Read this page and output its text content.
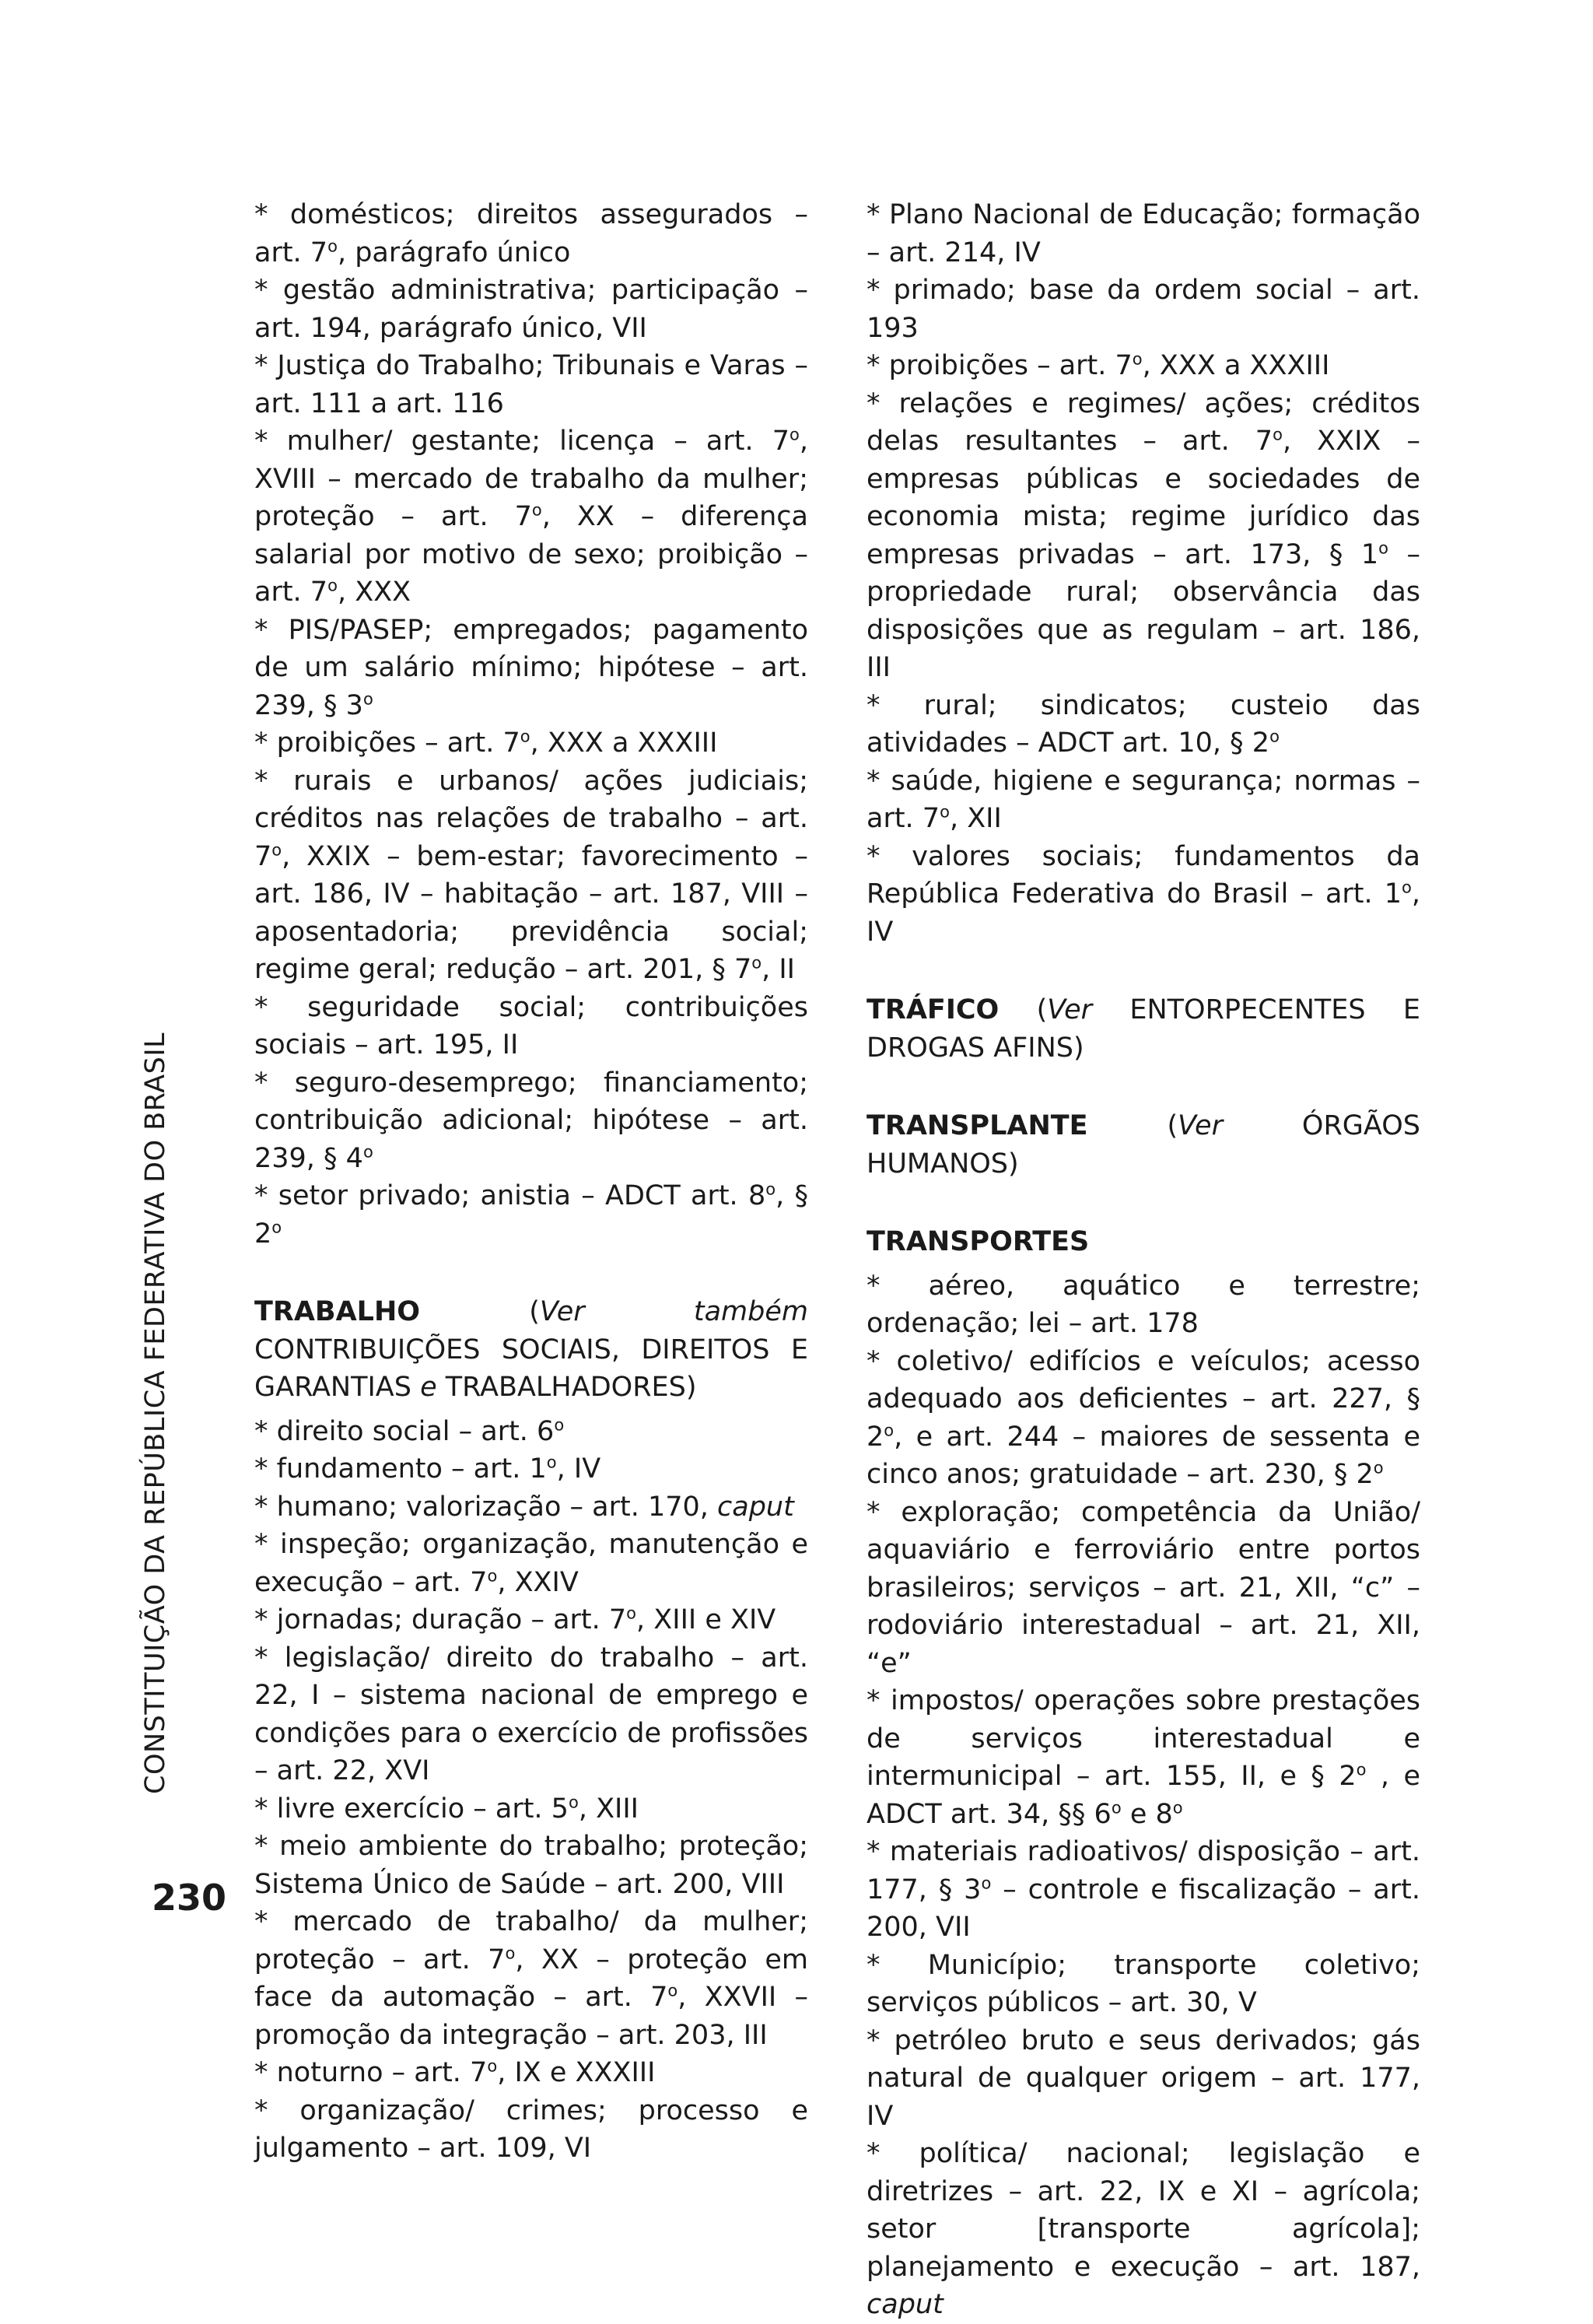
* domésticos; direitos assegurados – art. 7$^o$, parágrafo único
* gestão administrativa; participação – art. 194, parágrafo único, VII
* Justiça do Trabalho; Tribunais e Varas – art. 111 a art. 116
* mulher/ gestante; licença – art. 7$^o$, XVIII – mercado de trabalho da mulher; proteção – art. 7$^o$, XX – diferença salarial por motivo de sexo; proibição – art. 7$^o$, XXX
* PIS/PASEP; empregados; pagamento de um salário mínimo; hipótese – art. 239, § 3$^o$
* proibições – art. 7$^o$, XXX a XXXIII
* rurais e urbanos/ ações judiciais; créditos nas relações de trabalho – art. 7$^o$, XXIX – bem-estar; favorecimento – art. 186, IV – habitação – art. 187, VIII – aposentadoria; previdência social; regime geral; redução – art. 201, § 7$^o$, II
* seguridade social; contribuições sociais – art. 195, II
* seguro-desemprego; financiamento; contribuição adicional; hipótese – art. 239, § 4$^o$
* setor privado; anistia – ADCT art. 8$^o$, § 2$^o$
TRABALHO (Ver também CONTRIBUIÇÕES SOCIAIS, DIREITOS E GARANTIAS e TRABALHADORES)
* direito social – art. 6$^o$
* fundamento – art. 1$^o$, IV
* humano; valorização – art. 170, caput
* inspeção; organização, manutenção e execução – art. 7$^o$, XXIV
* jornadas; duração – art. 7$^o$, XIII e XIV
* legislação/ direito do trabalho – art. 22, I – sistema nacional de emprego e condições para o exercício de profissões – art. 22, XVI
* livre exercício – art. 5$^o$, XIII
* meio ambiente do trabalho; proteção; Sistema Único de Saúde – art. 200, VIII
* mercado de trabalho/ da mulher; proteção – art. 7$^o$, XX – proteção em face da automação – art. 7$^o$, XXVII – promoção da integração – art. 203, III
* noturno – art. 7$^o$, IX e XXXIII
* organização/ crimes; processo e julgamento – art. 109, VI
* Plano Nacional de Educação; formação – art. 214, IV
* primado; base da ordem social – art. 193
* proibições – art. 7$^o$, XXX a XXXIII
* relações e regimes/ ações; créditos delas resultantes – art. 7$^o$, XXIX – empresas públicas e sociedades de economia mista; regime jurídico das empresas privadas – art. 173, § 1$^o$ – propriedade rural; observância das disposições que as regulam – art. 186, III
* rural; sindicatos; custeio das atividades – ADCT art. 10, § 2$^o$
* saúde, higiene e segurança; normas – art. 7$^o$, XII
* valores sociais; fundamentos da República Federativa do Brasil – art. 1$^o$, IV
TRÁFICO (Ver ENTORPECENTES E DROGAS AFINS)
TRANSPLANTE (Ver ÓRGÃOS HUMANOS)
TRANSPORTES
* aéreo, aquático e terrestre; ordenação; lei – art. 178
* coletivo/ edifícios e veículos; acesso adequado aos deficientes – art. 227, § 2$^o$, e art. 244 – maiores de sessenta e cinco anos; gratuidade – art. 230, § 2$^o$
* exploração; competência da União/ aquaviário e ferroviário entre portos brasileiros; serviços – art. 21, XII, “c” – rodoviário interestadual – art. 21, XII, “e”
* impostos/ operações sobre prestações de serviços interestadual e intermunicipal – art. 155, II, e § 2$^o$ , e ADCT art. 34, §§ 6$^o$ e 8$^o$
* materiais radioativos/ disposição – art. 177, § 3$^o$ – controle e fiscalização – art. 200, VII
* Município; transporte coletivo; serviços públicos – art. 30, V
* petróleo bruto e seus derivados; gás natural de qualquer origem – art. 177, IV
* política/ nacional; legislação e diretrizes – art. 22, IX e XI – agrícola; setor [transporte agrícola]; planejamento e execução – art. 187, caput
CONSTITUIÇÃO DA REPÚBLICA FEDERATIVA DO BRASIL
230
